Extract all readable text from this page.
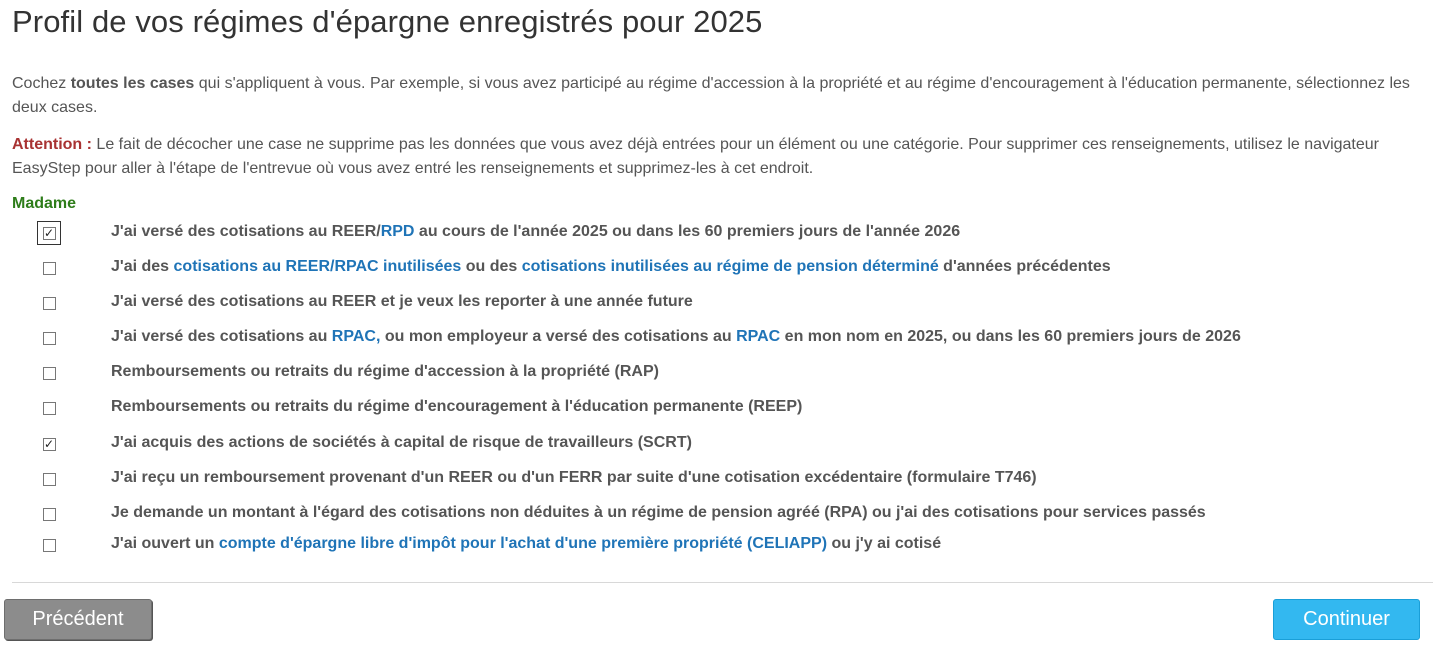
Profil de vos régimes d'épargne enregistrés pour 2025

Cochez toutes les cases qui s'appliquent à vous. Par exemple, si vous avez participé au régime d'accession à la propriété et au régime d'encouragement à l'éducation permanente, sélectionnez les deux cases.

Attention : Le fait de décocher une case ne supprime pas les données que vous avez déjà entrées pour un élément ou une catégorie. Pour supprimer ces renseignements, utilisez le navigateur EasyStep pour aller à l'étape de l'entrevue où vous avez entré les renseignements et supprimez-les à cet endroit.

Madame
✓	J'ai versé des cotisations au REER/RPD au cours de l'année 2025 ou dans les 60 premiers jours de l'année 2026
J'ai des cotisations au REER/RPAC inutilisées ou des cotisations inutilisées au régime de pension déterminé d'années précédentes
J'ai versé des cotisations au REER et je veux les reporter à une année future
J'ai versé des cotisations au RPAC, ou mon employeur a versé des cotisations au RPAC en mon nom en 2025, ou dans les 60 premiers jours de 2026
Remboursements ou retraits du régime d'accession à la propriété (RAP)
Remboursements ou retraits du régime d'encouragement à l'éducation permanente (REEP)
✓	J'ai acquis des actions de sociétés à capital de risque de travailleurs (SCRT)
J'ai reçu un remboursement provenant d'un REER ou d'un FERR par suite d'une cotisation excédentaire (formulaire T746)
Je demande un montant à l'égard des cotisations non déduites à un régime de pension agréé (RPA) ou j'ai des cotisations pour services passés
J'ai ouvert un compte d'épargne libre d'impôt pour l'achat d'une première propriété (CELIAPP) ou j'y ai cotisé
Précédent	Continuer
